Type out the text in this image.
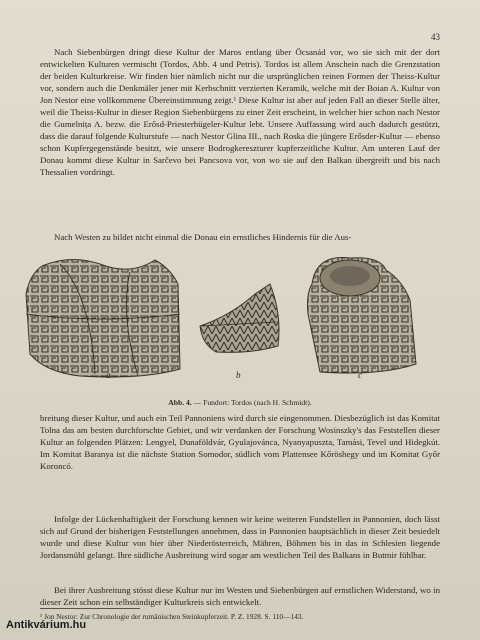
43

Nach Siebenbürgen dringt diese Kultur der Maros entlang über Öcsanád vor, wo sie sich mit der dort entwickelten Kulturen vermischt (Tordos, Abb. 4 und Petris). Tordos ist allem Anschein nach die Grenzstation der beiden Kulturkreise. Wir finden hier nämlich nicht nur die ursprünglichen reinen Formen der Theiss-Kultur vor, sondern auch die Denkmäler jener mit Kerbschnitt verzierten Keramik, welche mit der Boian A. Kultur von Jon Nestor eine vollkommene Übereinstimmung zeigt.¹ Diese Kultur ist aber auf jeden Fall an dieser Stelle älter, weil die Theiss-Kultur in dieser Region Siebenbürgens zu einer Zeit erscheint, in welcher hier schon nach Nestor die Gumelnița A. bezw. die Erősd-Priesterhügeler-Kultur lebt. Unsere Auffassung wird auch dadurch gestützt, dass die darauf folgende Kulturstufe — nach Nestor Glina III., nach Roska die jüngere Erősder-Kultur — ebenso schon Kupfergegenstände besitzt, wie unsere Bodrogkereszturer kupferzeitliche Kultur. Am unteren Lauf der Donau kommt diese Kultur in Sarčevo bei Pancsova vor, von wo sie auf den Balkan übergreift und bis nach Thessalien vordringt.

Nach Westen zu bildet nicht einmal die Donau ein ernstliches Hindernis für die Aus-

a	b	c
Abb. 4. — Fundort: Tordos (nach H. Schmidt).

breitung dieser Kultur, und auch ein Teil Pannoniens wird durch sie eingenommen. Diesbezüglich ist das Komitat Tolna das am besten durchforschte Gebiet, und wir verdanken der Forschung Wosinszky's das Feststellen dieser Kultur an folgenden Plätzen: Lengyel, Dunaföldvár, Gyulajovánca, Nyanyapuszta, Tamási, Tevel und Hidegkút. Im Komitat Baranya ist die nächste Station Somodor, südlich vom Plattensee Kőröshegy und im Komitat Győr Koroncó.

Infolge der Lückenhaftigkeit der Forschung kennen wir keine weiteren Fundstellen in Pannonien, doch lässt sich auf Grund der bisherigen Feststellungen annehmen, dass in Pannonien hauptsächlich in dieser Zeit besiedelt wurde und diese Kultur von hier über Niederösterreich, Mähren, Böhmen bis in das in Schlesien liegende Jordansmühl gelangt. Ihre südliche Ausbreitung wird sogar am westlichen Teil des Balkans in Butmir fühlbar.

Bei ihrer Ausbreitung stösst diese Kultur nur im Westen und Siebenbürgen auf ernstlichen Widerstand, wo in dieser Zeit schon ein selbständiger Kulturkreis sich entwickelt.

¹ Jon Nestor: Zur Chronologie der rumänischen Steinkupferzeit. P. Z. 1928. S. 110—143.
Antikvárium.hu
